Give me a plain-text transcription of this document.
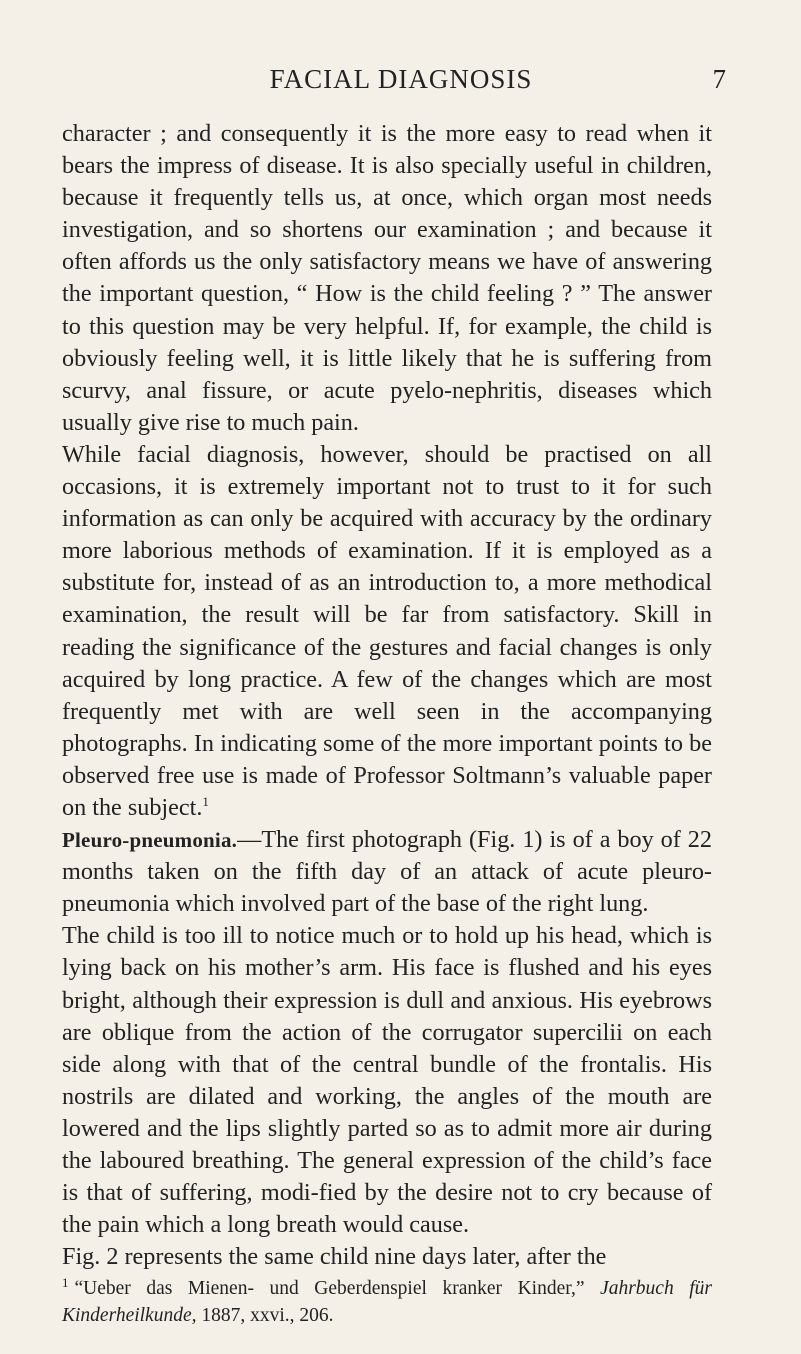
FACIAL DIAGNOSIS	7

character ; and consequently it is the more easy to read when it bears the impress of disease. It is also specially useful in children, because it frequently tells us, at once, which organ most needs investigation, and so shortens our examination ; and because it often affords us the only satisfactory means we have of answering the important question, “ How is the child feeling ? ” The answer to this question may be very helpful. If, for example, the child is obviously feeling well, it is little likely that he is suffering from scurvy, anal fissure, or acute pyelo-nephritis, diseases which usually give rise to much pain.

While facial diagnosis, however, should be practised on all occasions, it is extremely important not to trust to it for such information as can only be acquired with accuracy by the ordinary more laborious methods of examination. If it is employed as a substitute for, instead of as an introduction to, a more methodical examination, the result will be far from satisfactory. Skill in reading the significance of the gestures and facial changes is only acquired by long practice. A few of the changes which are most frequently met with are well seen in the accompanying photographs. In indicating some of the more important points to be observed free use is made of Professor Soltmann’s valuable paper on the subject.$^1$

Pleuro-pneumonia.—The first photograph (Fig. 1) is of a boy of 22 months taken on the fifth day of an attack of acute pleuro-pneumonia which involved part of the base of the right lung.

The child is too ill to notice much or to hold up his head, which is lying back on his mother’s arm. His face is flushed and his eyes bright, although their expression is dull and anxious. His eyebrows are oblique from the action of the corrugator supercilii on each side along with that of the central bundle of the frontalis. His nostrils are dilated and working, the angles of the mouth are lowered and the lips slightly parted so as to admit more air during the laboured breathing. The general expression of the child’s face is that of suffering, modi-fied by the desire not to cry because of the pain which a long breath would cause.

Fig. 2 represents the same child nine days later, after the

$^1$ “Ueber das Mienen- und Geberdenspiel kranker Kinder,” Jahrbuch für Kinderheilkunde, 1887, xxvi., 206.
